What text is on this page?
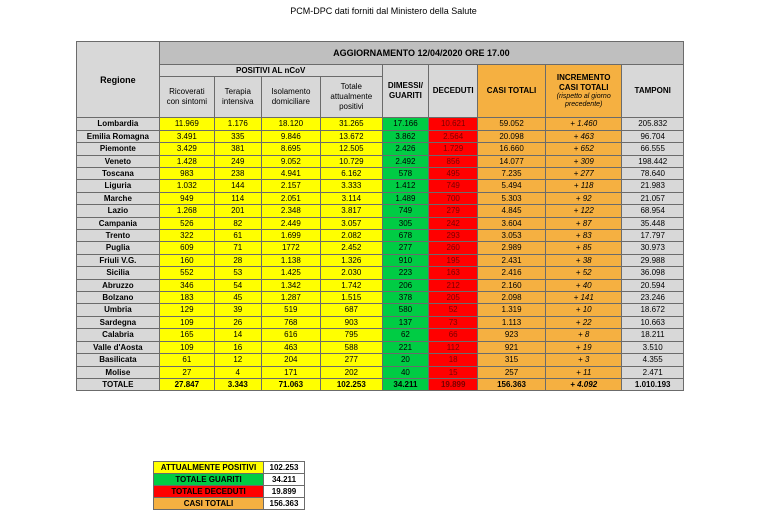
PCM-DPC dati forniti dal Ministero della Salute
Regione	AGGIORNAMENTO 12/04/2020 ORE 17.00								
	POSITIVI AL nCoV				DIMESSI/ GUARITI	DECEDUTI	CASI TOTALI	INCREMENTO CASI TOTALI
(rispetto al giorno precedente)	TAMPONI
	Ricoverati con sintomi	Terapia intensiva	Isolamento domiciliare	Totale attualmente positivi					
Lombardia	11.969	1.176	18.120	31.265	17.166	10.621	59.052	+ 1.460	205.832
Emilia Romagna	3.491	335	9.846	13.672	3.862	2.564	20.098	+ 463	96.704
Piemonte	3.429	381	8.695	12.505	2.426	1.729	16.660	+ 652	66.555
Veneto	1.428	249	9.052	10.729	2.492	856	14.077	+ 309	198.442
Toscana	983	238	4.941	6.162	578	495	7.235	+ 277	78.640
Liguria	1.032	144	2.157	3.333	1.412	749	5.494	+ 118	21.983
Marche	949	114	2.051	3.114	1.489	700	5.303	+ 92	21.057
Lazio	1.268	201	2.348	3.817	749	279	4.845	+ 122	68.954
Campania	526	82	2.449	3.057	305	242	3.604	+ 87	35.448
Trento	322	61	1.699	2.082	678	293	3.053	+ 83	17.797
Puglia	609	71	1772	2.452	277	260	2.989	+ 85	30.973
Friuli V.G.	160	28	1.138	1.326	910	195	2.431	+ 38	29.988
Sicilia	552	53	1.425	2.030	223	163	2.416	+ 52	36.098
Abruzzo	346	54	1.342	1.742	206	212	2.160	+ 40	20.594
Bolzano	183	45	1.287	1.515	378	205	2.098	+ 141	23.246
Umbria	129	39	519	687	580	52	1.319	+ 10	18.672
Sardegna	109	26	768	903	137	73	1.113	+ 22	10.663
Calabria	165	14	616	795	62	66	923	+ 8	18.211
Valle d'Aosta	109	16	463	588	221	112	921	+ 19	3.510
Basilicata	61	12	204	277	20	18	315	+ 3	4.355
Molise	27	4	171	202	40	15	257	+ 11	2.471
TOTALE	27.847	3.343	71.063	102.253	34.211	19.899	156.363	+ 4.092	1.010.193
ATTUALMENTE POSITIVI	102.253
TOTALE GUARITI	34.211
TOTALE DECEDUTI	19.899
CASI TOTALI	156.363
